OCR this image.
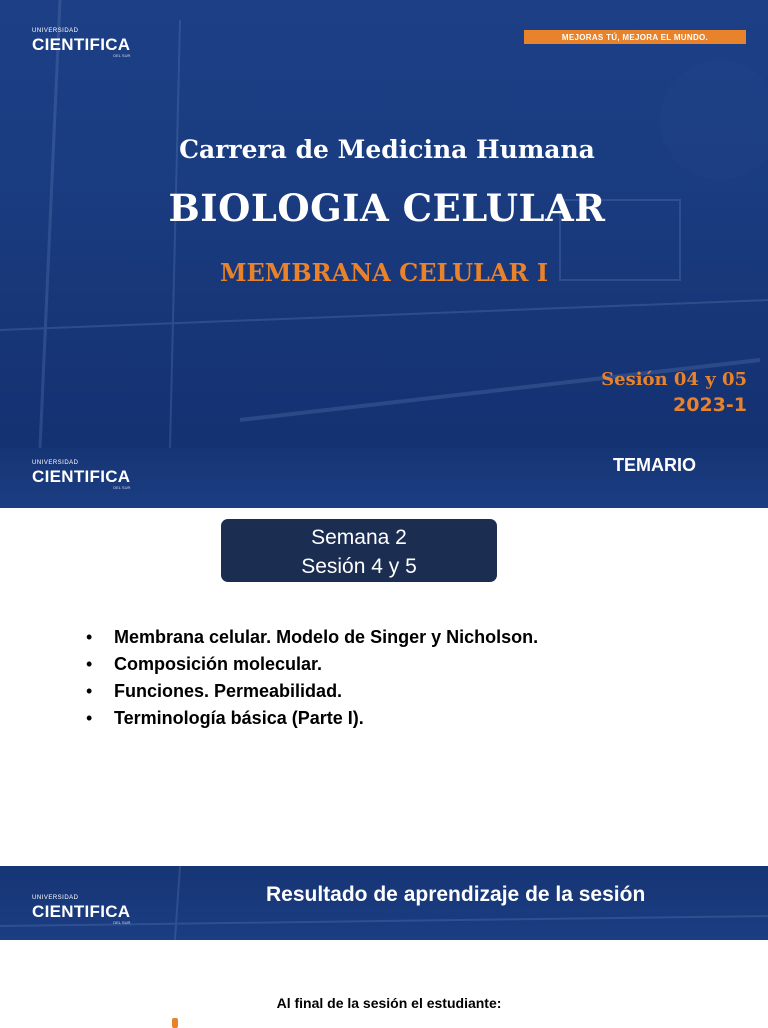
UNIVERSIDAD
CIENTIFICA
DEL SUR
MEJORAS TÚ, MEJORA EL MUNDO.
Carrera de Medicina Humana
BIOLOGIA CELULAR
MEMBRANA CELULAR I
Sesión 04 y 05
2023-1
UNIVERSIDAD
CIENTIFICA
DEL SUR
TEMARIO
Semana 2
Sesión 4 y 5
• Membrana celular. Modelo de Singer y Nicholson.
• Composición molecular.
• Funciones. Permeabilidad.
• Terminología básica (Parte I).
UNIVERSIDAD
CIENTIFICA
DEL SUR
Resultado de aprendizaje de la sesión
Al final de la sesión el estudiante:
